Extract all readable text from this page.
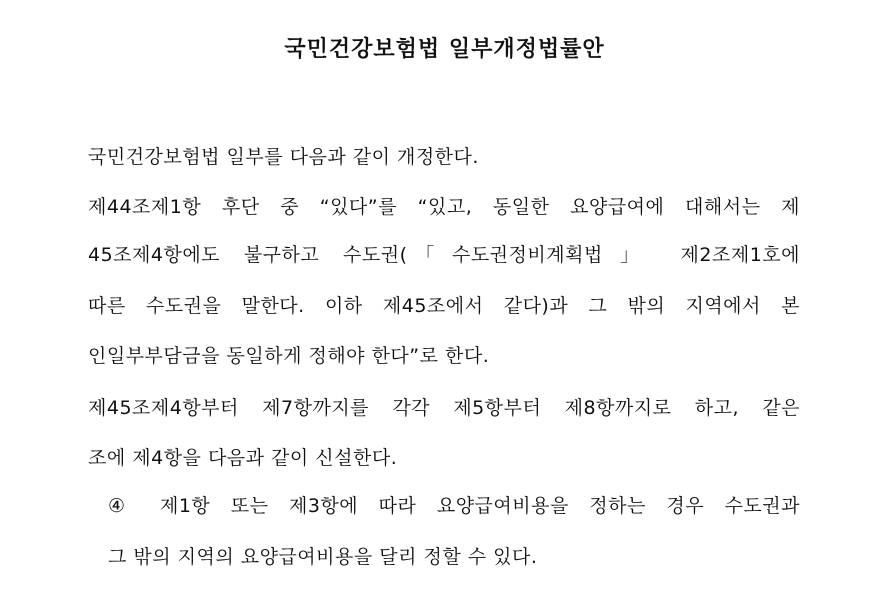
국민건강보험법 일부개정법률안

국민건강보험법 일부를 다음과 같이 개정한다.

제44조제1항 후단 중 “있다”를 “있고, 동일한 요양급여에 대해서는 제

45조제4항에도 불구하고 수도권(「수도권정비계획법」 제2조제1호에

따른 수도권을 말한다. 이하 제45조에서 같다)과 그 밖의 지역에서 본

인일부부담금을 동일하게 정해야 한다”로 한다.

제45조제4항부터 제7항까지를 각각 제5항부터 제8항까지로 하고, 같은

조에 제4항을 다음과 같이 신설한다.

④ 제1항 또는 제3항에 따라 요양급여비용을 정하는 경우 수도권과

그 밖의 지역의 요양급여비용을 달리 정할 수 있다.
